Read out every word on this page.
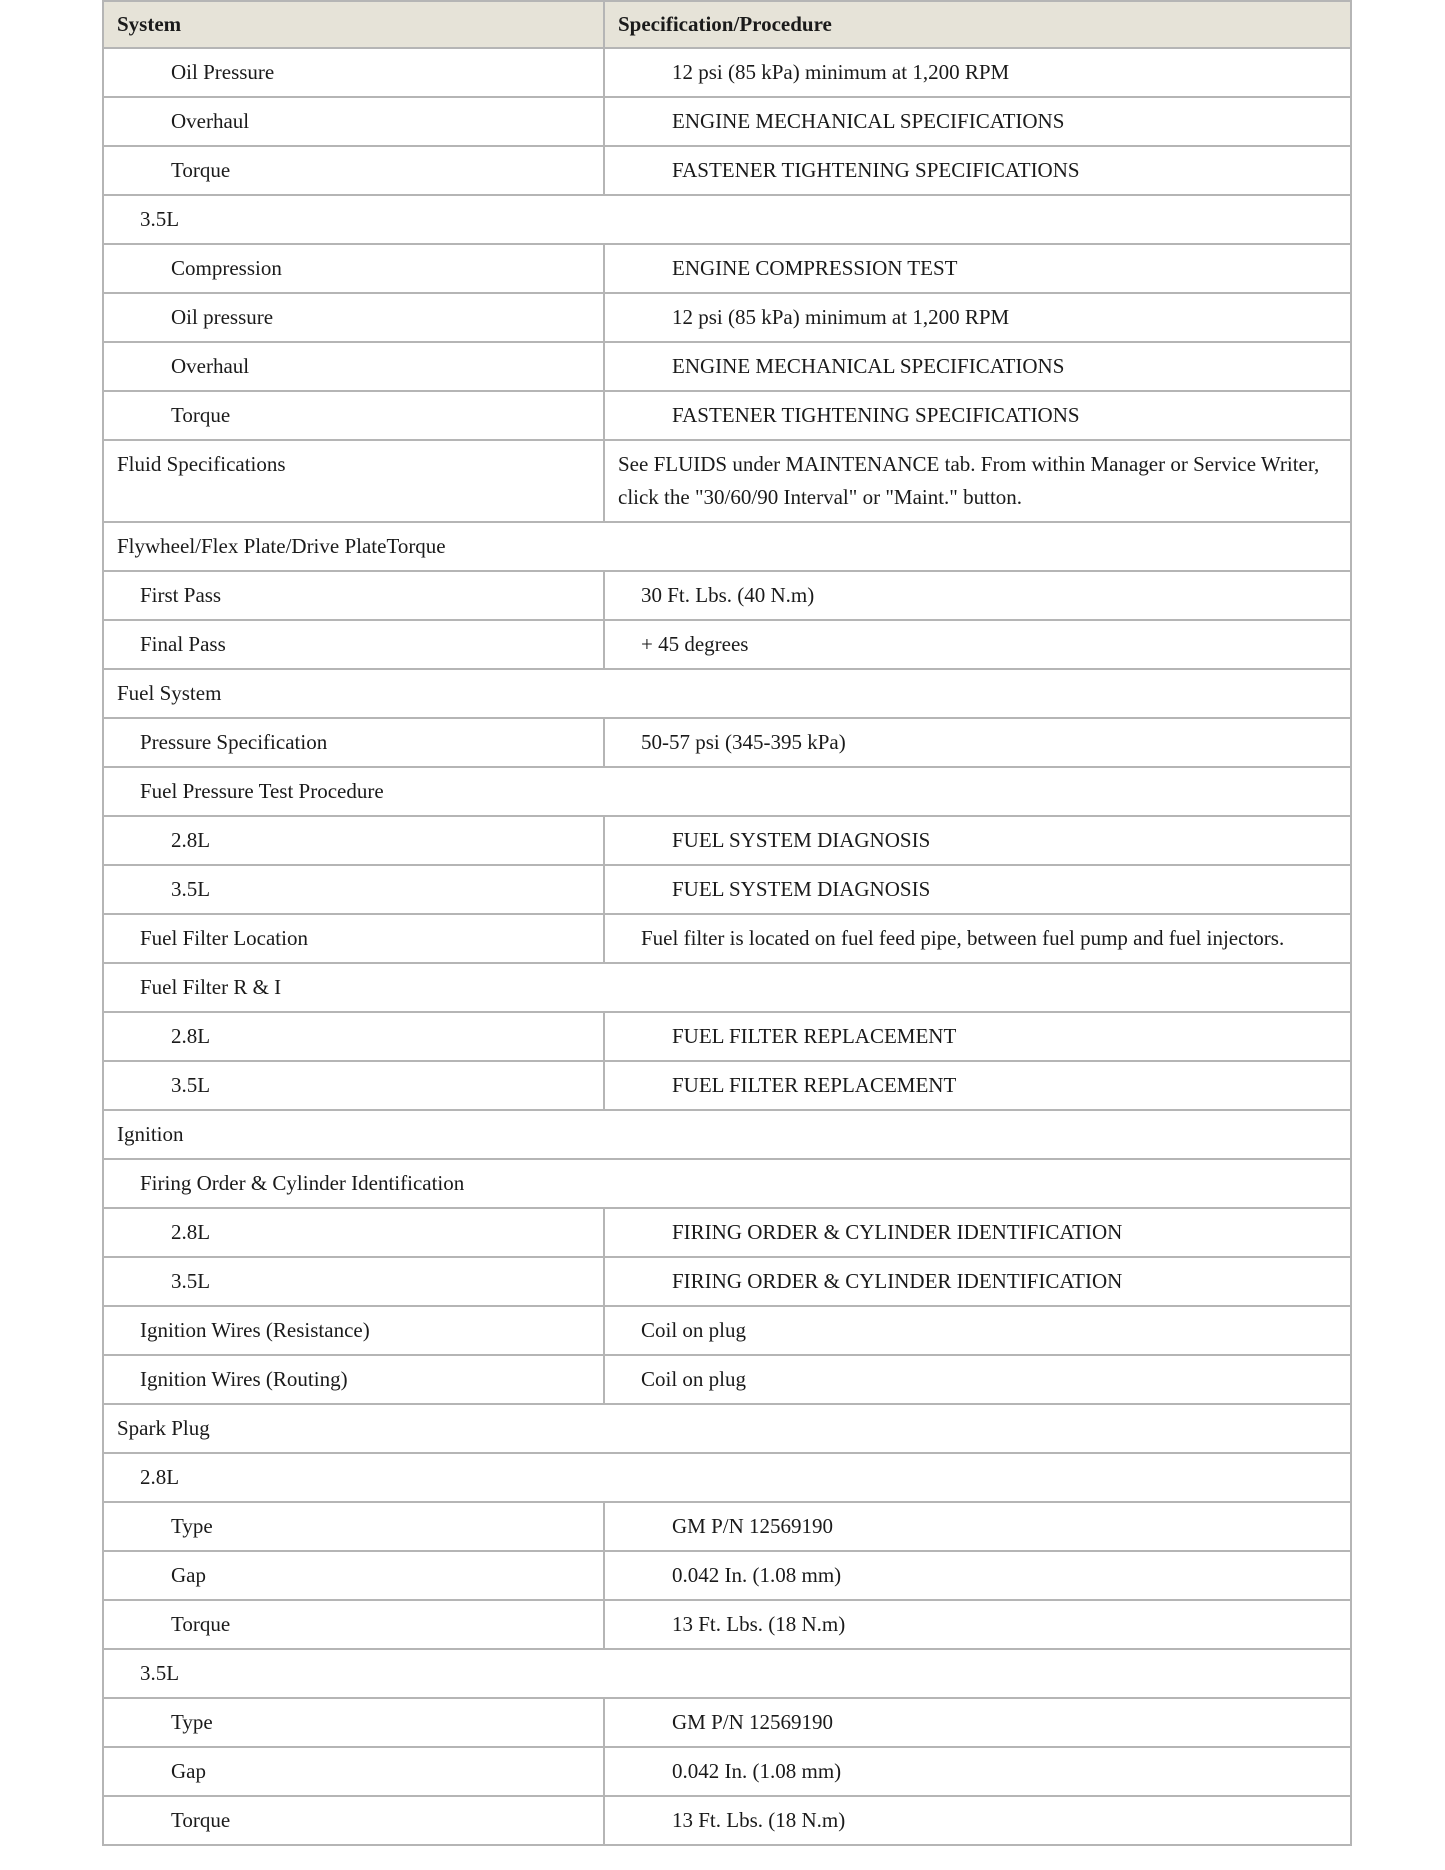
System	Specification/Procedure
Oil Pressure	12 psi (85 kPa) minimum at 1,200 RPM
Overhaul	ENGINE MECHANICAL SPECIFICATIONS
Torque	FASTENER TIGHTENING SPECIFICATIONS
3.5L	
Compression	ENGINE COMPRESSION TEST
Oil pressure	12 psi (85 kPa) minimum at 1,200 RPM
Overhaul	ENGINE MECHANICAL SPECIFICATIONS
Torque	FASTENER TIGHTENING SPECIFICATIONS
Fluid Specifications	See FLUIDS under MAINTENANCE tab. From within Manager or Service Writer, click the "30/60/90 Interval" or "Maint." button.
Flywheel/Flex Plate/Drive PlateTorque	
First Pass	30 Ft. Lbs. (40 N.m)
Final Pass	+ 45 degrees
Fuel System	
Pressure Specification	50-57 psi (345-395 kPa)
Fuel Pressure Test Procedure	
2.8L	FUEL SYSTEM DIAGNOSIS
3.5L	FUEL SYSTEM DIAGNOSIS
Fuel Filter Location	Fuel filter is located on fuel feed pipe, between fuel pump and fuel injectors.
Fuel Filter R & I	
2.8L	FUEL FILTER REPLACEMENT
3.5L	FUEL FILTER REPLACEMENT
Ignition	
Firing Order & Cylinder Identification	
2.8L	FIRING ORDER & CYLINDER IDENTIFICATION
3.5L	FIRING ORDER & CYLINDER IDENTIFICATION
Ignition Wires (Resistance)	Coil on plug
Ignition Wires (Routing)	Coil on plug
Spark Plug	
2.8L	
Type	GM P/N 12569190
Gap	0.042 In. (1.08 mm)
Torque	13 Ft. Lbs. (18 N.m)
3.5L	
Type	GM P/N 12569190
Gap	0.042 In. (1.08 mm)
Torque	13 Ft. Lbs. (18 N.m)
